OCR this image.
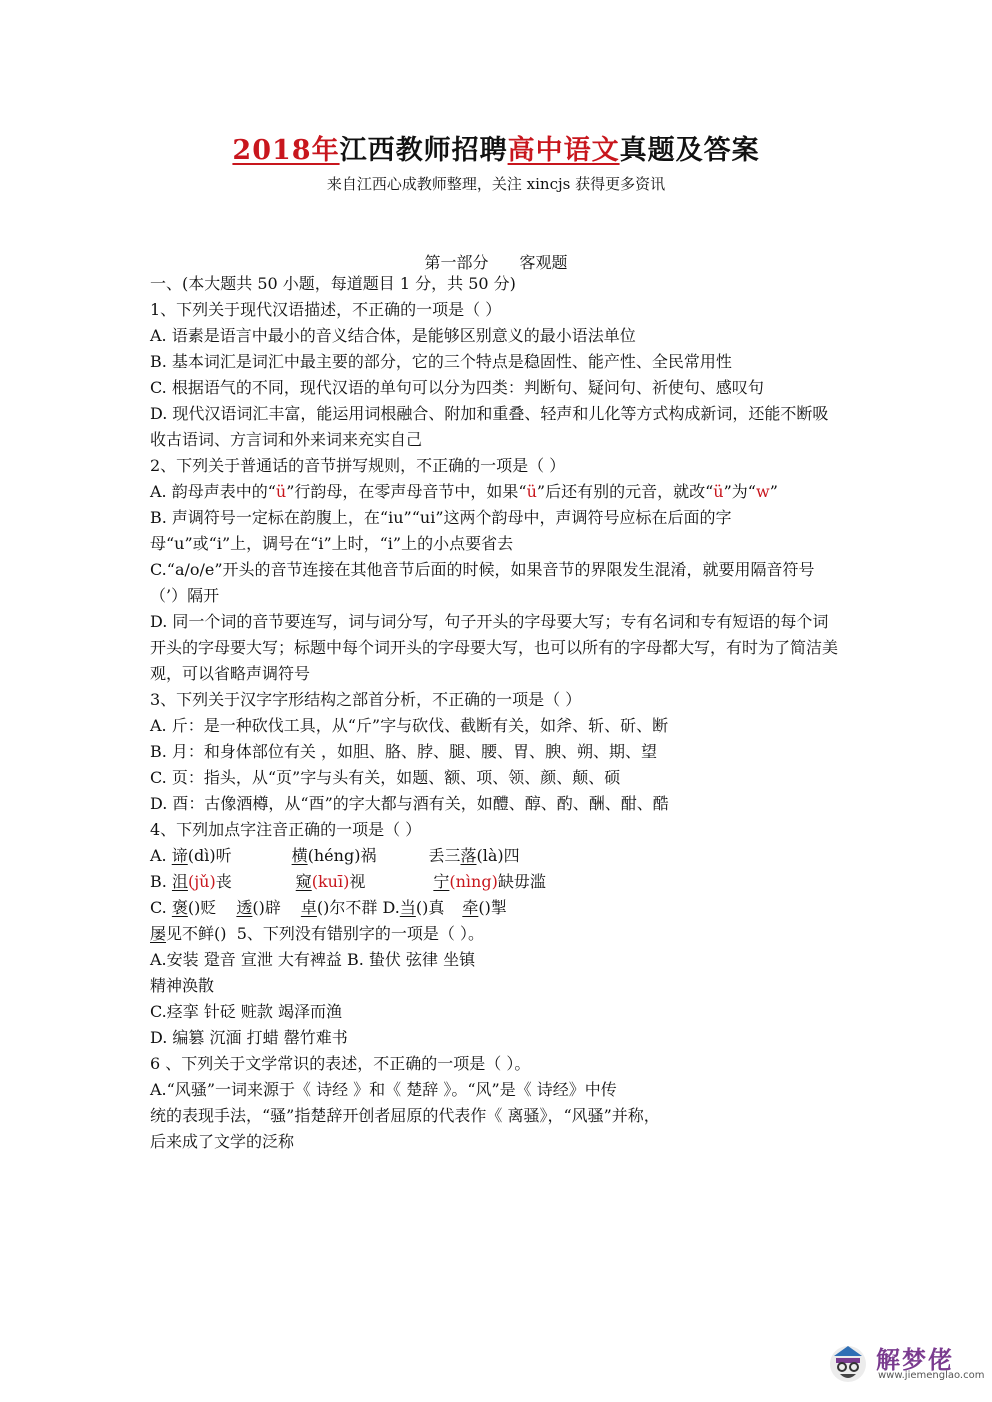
2018年江西教师招聘高中语文真题及答案
来自江西心成教师整理，关注 xincjs 获得更多资讯
第一部分 客观题

一、(本大题共 50 小题，每道题目 1 分，共 50 分)

1、下列关于现代汉语描述，不正确的一项是（ ）

A. 语素是语言中最小的音义结合体，是能够区别意义的最小语法单位

B. 基本词汇是词汇中最主要的部分，它的三个特点是稳固性、能产性、全民常用性

C. 根据语气的不同，现代汉语的单句可以分为四类：判断句、疑问句、祈使句、感叹句

D. 现代汉语词汇丰富，能运用词根融合、附加和重叠、轻声和儿化等方式构成新词，还能不断吸收古语词、方言词和外来词来充实自己

2、下列关于普通话的音节拼写规则，不正确的一项是（ ）

A. 韵母声表中的“ü”行韵母，在零声母音节中，如果“ü”后还有别的元音，就改“ü”为“w”

B. 声调符号一定标在韵腹上，在“iu”“ui”这两个韵母中，声调符号应标在后面的字母“u”或“i”上，调号在“i”上时，“i”上的小点要省去

C.“a/o/e”开头的音节连接在其他音节后面的时候，如果音节的界限发生混淆，就要用隔音符号（’）隔开

D. 同一个词的音节要连写，词与词分写，句子开头的字母要大写；专有名词和专有短语的每个词开头的字母要大写；标题中每个词开头的字母要大写，也可以所有的字母都大写，有时为了简洁美观，可以省略声调符号

3、下列关于汉字字形结构之部首分析，不正确的一项是（ ）

A. 斤：是一种砍伐工具，从“斤”字与砍伐、截断有关，如斧、斩、斫、断

B. 月：和身体部位有关 ，如胆、胳、脖、腿、腰、胃、腴、朔、期、望

C. 页：指头，从“页”字与头有关，如题、额、项、领、颜、颠、硕

D. 酉：古像酒樽，从“酉”的字大都与酒有关，如醴、醇、酌、酬、酣、酷

4、下列加点字注音正确的一项是（ ）

A. 谛(dì)听	横(héng)祸	丢三落(là)四

B. 沮(jǔ)丧	窥(kuī)视	宁(nìng)缺毋滥

C. 褒()贬 透()辟 卓()尔不群 D.当()真 牵()掣

屡见不鲜() 5、下列没有错别字的一项是（ ）。

A.安装 跫音 宣泄 大有裨益 B. 蛰伏 弦律 坐镇

精神涣散

C.痉挛 针砭 赃款 竭泽而渔

D. 编篡 沉湎 打蜡 罄竹难书

6 、下列关于文学常识的表述，不正确的一项是（ ）。

A.“风骚”一词来源于《 诗经 》和《 楚辞 》。“风”是《 诗经》中传

统的表现手法，“骚”指楚辞开创者屈原的代表作《 离骚》，“风骚”并称，

后来成了文学的泛称

解梦佬
www.jiemenglao.com
